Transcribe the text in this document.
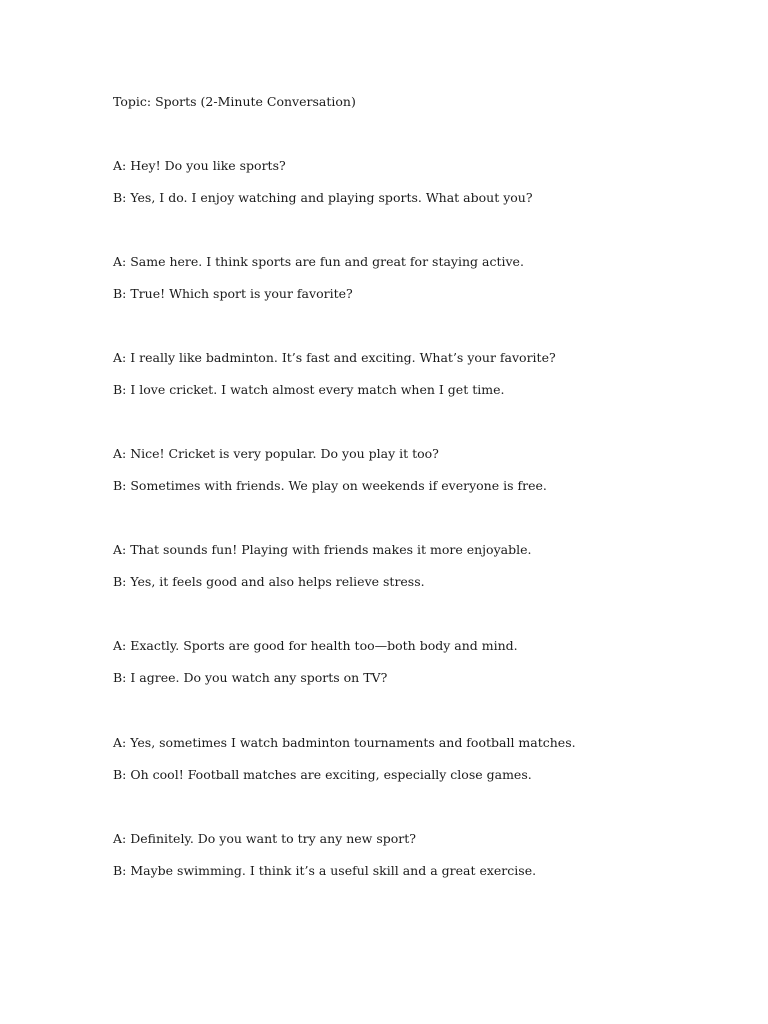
Topic: Sports (2-Minute Conversation)

A: Hey! Do you like sports?

B: Yes, I do. I enjoy watching and playing sports. What about you?

A: Same here. I think sports are fun and great for staying active.

B: True! Which sport is your favorite?

A: I really like badminton. It’s fast and exciting. What’s your favorite?

B: I love cricket. I watch almost every match when I get time.

A: Nice! Cricket is very popular. Do you play it too?

B: Sometimes with friends. We play on weekends if everyone is free.

A: That sounds fun! Playing with friends makes it more enjoyable.

B: Yes, it feels good and also helps relieve stress.

A: Exactly. Sports are good for health too—both body and mind.

B: I agree. Do you watch any sports on TV?

A: Yes, sometimes I watch badminton tournaments and football matches.

B: Oh cool! Football matches are exciting, especially close games.

A: Definitely. Do you want to try any new sport?

B: Maybe swimming. I think it’s a useful skill and a great exercise.
